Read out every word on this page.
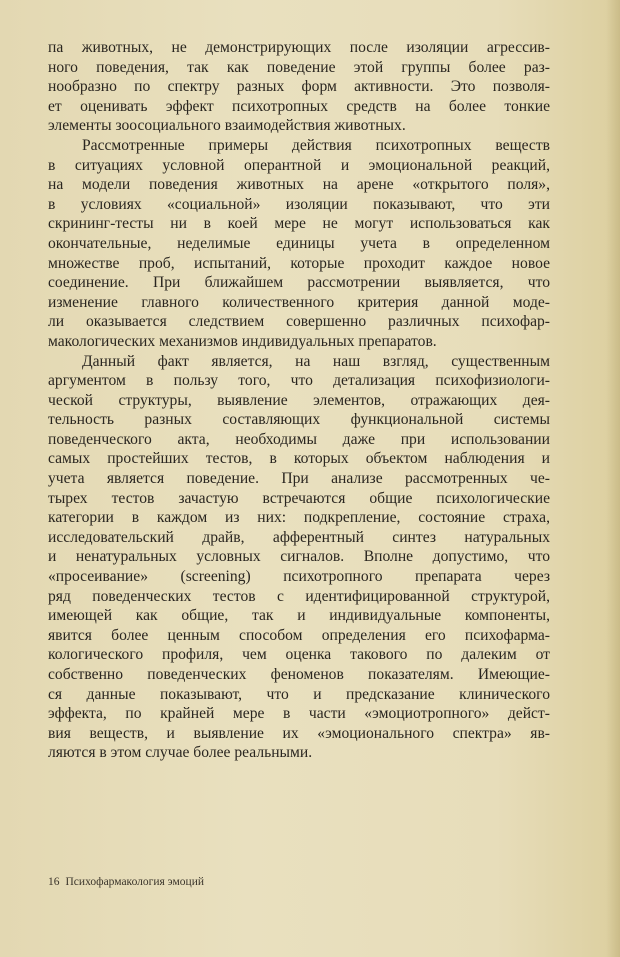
па животных, не демонстрирующих после изоляции агрессив-
ного поведения, так как поведение этой группы более раз-
нообразно по спектру разных форм активности. Это позволя-
ет оценивать эффект психотропных средств на более тонкие
элементы зоосоциального взаимодействия животных.
Рассмотренные примеры действия психотропных веществ
в ситуациях условной оперантной и эмоциональной реакций,
на модели поведения животных на арене «открытого поля»,
в условиях «социальной» изоляции показывают, что эти
скрининг-тесты ни в коей мере не могут использоваться как
окончательные, неделимые единицы учета в определенном
множестве проб, испытаний, которые проходит каждое новое
соединение. При ближайшем рассмотрении выявляется, что
изменение главного количественного критерия данной моде-
ли оказывается следствием совершенно различных психофар-
макологических механизмов индивидуальных препаратов.
Данный факт является, на наш взгляд, существенным
аргументом в пользу того, что детализация психофизиологи-
ческой структуры, выявление элементов, отражающих дея-
тельность разных составляющих функциональной системы
поведенческого акта, необходимы даже при использовании
самых простейших тестов, в которых объектом наблюдения и
учета является поведение. При анализе рассмотренных че-
тырех тестов зачастую встречаются общие психологические
категории в каждом из них: подкрепление, состояние страха,
исследовательский драйв, афферентный синтез натуральных
и ненатуральных условных сигналов. Вполне допустимо, что
«просеивание» (screening) психотропного препарата через
ряд поведенческих тестов с идентифицированной структурой,
имеющей как общие, так и индивидуальные компоненты,
явится более ценным способом определения его психофарма-
кологического профиля, чем оценка такового по далеким от
собственно поведенческих феноменов показателям. Имеющие-
ся данные показывают, что и предсказание клинического
эффекта, по крайней мере в части «эмоциотропного» дейст-
вия веществ, и выявление их «эмоционального спектра» яв-
ляются в этом случае более реальными.
16 Психофармакология эмоций
